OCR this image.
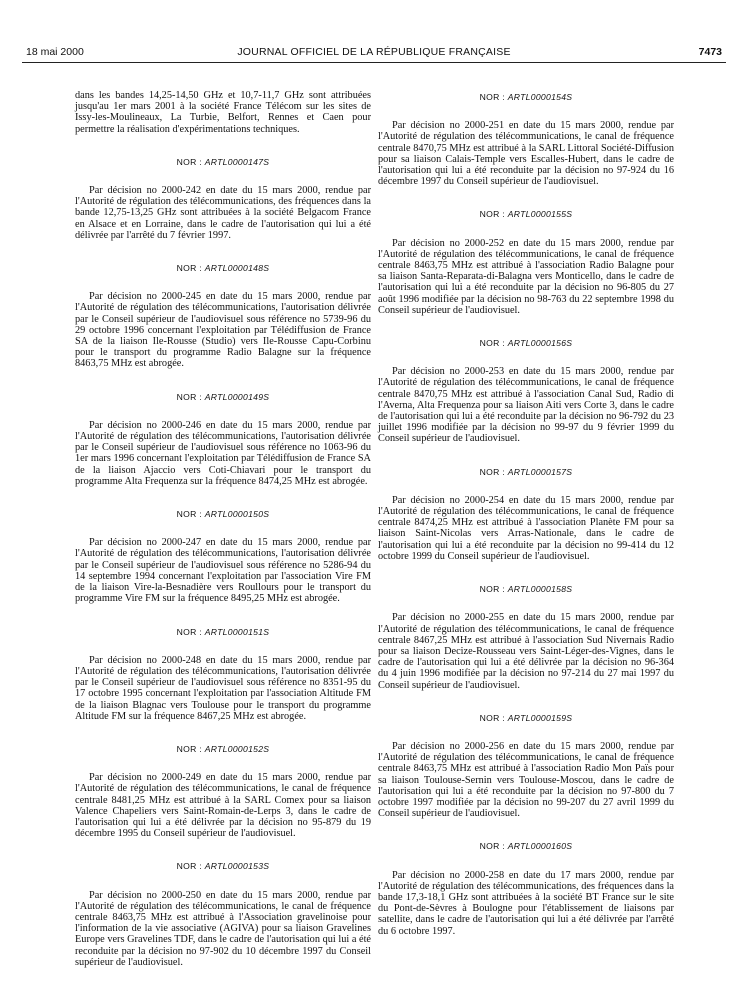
18 mai 2000	JOURNAL OFFICIEL DE LA RÉPUBLIQUE FRANÇAISE	7473

dans les bandes 14,25-14,50 GHz et 10,7-11,7 GHz sont attribuées jusqu'au 1er mars 2001 à la société France Télécom sur les sites de Issy-les-Moulineaux, La Turbie, Belfort, Rennes et Caen pour permettre la réalisation d'expérimentations techniques.

NOR : ARTL0000147S

Par décision no 2000-242 en date du 15 mars 2000, rendue par l'Autorité de régulation des télécommunications, des fréquences dans la bande 12,75-13,25 GHz sont attribuées à la société Belgacom France en Alsace et en Lorraine, dans le cadre de l'autorisation qui lui a été délivrée par l'arrêté du 7 février 1997.

NOR : ARTL0000148S

Par décision no 2000-245 en date du 15 mars 2000, rendue par l'Autorité de régulation des télécommunications, l'autorisation délivrée par le Conseil supérieur de l'audiovisuel sous référence no 5739-96 du 29 octobre 1996 concernant l'exploitation par Télédiffusion de France SA de la liaison Ile-Rousse (Studio) vers Ile-Rousse Capu-Corbinu pour le transport du programme Radio Balagne sur la fréquence 8463,75 MHz est abrogée.

NOR : ARTL0000149S

Par décision no 2000-246 en date du 15 mars 2000, rendue par l'Autorité de régulation des télécommunications, l'autorisation délivrée par le Conseil supérieur de l'audiovisuel sous référence no 1063-96 du 1er mars 1996 concernant l'exploitation par Télédiffusion de France SA de la liaison Ajaccio vers Coti-Chiavari pour le transport du programme Alta Frequenza sur la fréquence 8474,25 MHz est abrogée.

NOR : ARTL0000150S

Par décision no 2000-247 en date du 15 mars 2000, rendue par l'Autorité de régulation des télécommunications, l'autorisation délivrée par le Conseil supérieur de l'audiovisuel sous référence no 5286-94 du 14 septembre 1994 concernant l'exploitation par l'association Vire FM de la liaison Vire-la-Besnadière vers Roullours pour le transport du programme Vire FM sur la fréquence 8495,25 MHz est abrogée.

NOR : ARTL0000151S

Par décision no 2000-248 en date du 15 mars 2000, rendue par l'Autorité de régulation des télécommunications, l'autorisation délivrée par le Conseil supérieur de l'audiovisuel sous référence no 8351-95 du 17 octobre 1995 concernant l'exploitation par l'association Altitude FM de la liaison Blagnac vers Toulouse pour le transport du programme Altitude FM sur la fréquence 8467,25 MHz est abrogée.

NOR : ARTL0000152S

Par décision no 2000-249 en date du 15 mars 2000, rendue par l'Autorité de régulation des télécommunications, le canal de fréquence centrale 8481,25 MHz est attribué à la SARL Comex pour sa liaison Valence Chapeliers vers Saint-Romain-de-Lerps 3, dans le cadre de l'autorisation qui lui a été délivrée par la décision no 95-879 du 19 décembre 1995 du Conseil supérieur de l'audiovisuel.

NOR : ARTL0000153S

Par décision no 2000-250 en date du 15 mars 2000, rendue par l'Autorité de régulation des télécommunications, le canal de fréquence centrale 8463,75 MHz est attribué à l'Association gravelinoise pour l'information de la vie associative (AGIVA) pour sa liaison Gravelines Europe vers Gravelines TDF, dans le cadre de l'autorisation qui lui a été reconduite par la décision no 97-902 du 10 décembre 1997 du Conseil supérieur de l'audiovisuel.

NOR : ARTL0000154S

Par décision no 2000-251 en date du 15 mars 2000, rendue par l'Autorité de régulation des télécommunications, le canal de fréquence centrale 8470,75 MHz est attribué à la SARL Littoral Société-Diffusion pour sa liaison Calais-Temple vers Escalles-Hubert, dans le cadre de l'autorisation qui lui a été reconduite par la décision no 97-924 du 16 décembre 1997 du Conseil supérieur de l'audiovisuel.

NOR : ARTL0000155S

Par décision no 2000-252 en date du 15 mars 2000, rendue par l'Autorité de régulation des télécommunications, le canal de fréquence centrale 8463,75 MHz est attribué à l'association Radio Balagne pour sa liaison Santa-Reparata-di-Balagna vers Monticello, dans le cadre de l'autorisation qui lui a été reconduite par la décision no 96-805 du 27 août 1996 modifiée par la décision no 98-763 du 22 septembre 1998 du Conseil supérieur de l'audiovisuel.

NOR : ARTL0000156S

Par décision no 2000-253 en date du 15 mars 2000, rendue par l'Autorité de régulation des télécommunications, le canal de fréquence centrale 8470,75 MHz est attribué à l'association Canal Sud, Radio di l'Averna, Alta Frequenza pour sa liaison Aiti vers Corte 3, dans le cadre de l'autorisation qui lui a été reconduite par la décision no 96-792 du 23 juillet 1996 modifiée par la décision no 99-97 du 9 février 1999 du Conseil supérieur de l'audiovisuel.

NOR : ARTL0000157S

Par décision no 2000-254 en date du 15 mars 2000, rendue par l'Autorité de régulation des télécommunications, le canal de fréquence centrale 8474,25 MHz est attribué à l'association Planète FM pour sa liaison Saint-Nicolas vers Arras-Nationale, dans le cadre de l'autorisation qui lui a été reconduite par la décision no 99-414 du 12 octobre 1999 du Conseil supérieur de l'audiovisuel.

NOR : ARTL0000158S

Par décision no 2000-255 en date du 15 mars 2000, rendue par l'Autorité de régulation des télécommunications, le canal de fréquence centrale 8467,25 MHz est attribué à l'association Sud Nivernais Radio pour sa liaison Decize-Rousseau vers Saint-Léger-des-Vignes, dans le cadre de l'autorisation qui lui a été délivrée par la décision no 96-364 du 4 juin 1996 modifiée par la décision no 97-214 du 27 mai 1997 du Conseil supérieur de l'audiovisuel.

NOR : ARTL0000159S

Par décision no 2000-256 en date du 15 mars 2000, rendue par l'Autorité de régulation des télécommunications, le canal de fréquence centrale 8463,75 MHz est attribué à l'association Radio Mon Païs pour sa liaison Toulouse-Sernin vers Toulouse-Moscou, dans le cadre de l'autorisation qui lui a été reconduite par la décision no 97-800 du 7 octobre 1997 modifiée par la décision no 99-207 du 27 avril 1999 du Conseil supérieur de l'audiovisuel.

NOR : ARTL0000160S

Par décision no 2000-258 en date du 17 mars 2000, rendue par l'Autorité de régulation des télécommunications, des fréquences dans la bande 17,3-18,1 GHz sont attribuées à la société BT France sur le site du Pont-de-Sèvres à Boulogne pour l'établissement de liaisons par satellite, dans le cadre de l'autorisation qui lui a été délivrée par l'arrêté du 6 octobre 1997.
